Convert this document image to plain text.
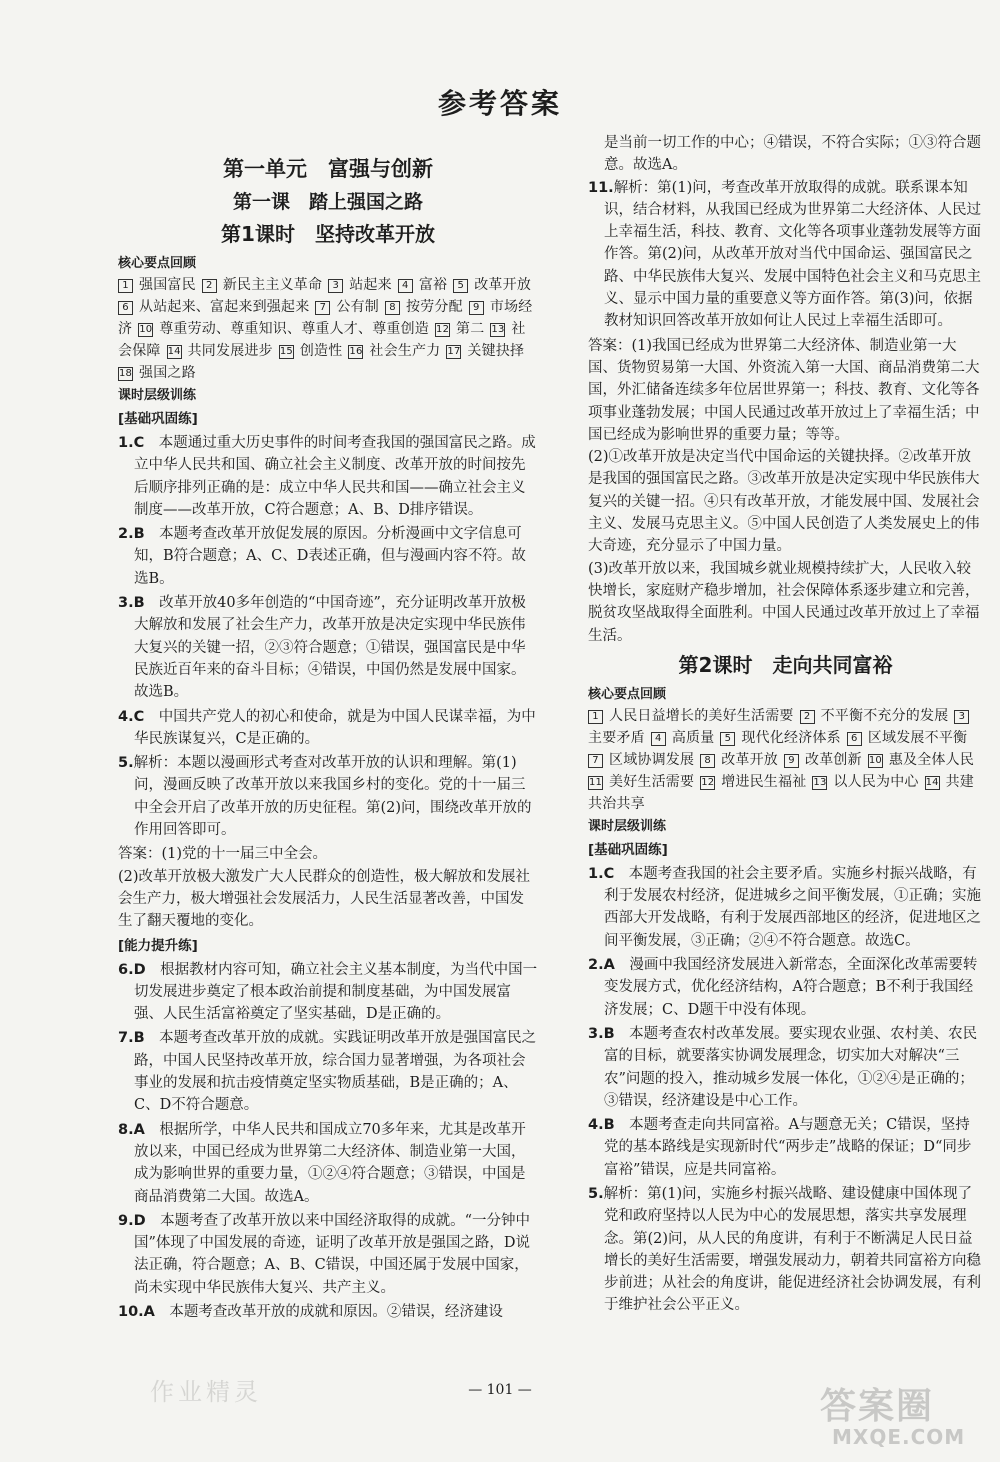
参考答案
第一单元　富强与创新
第一课　踏上强国之路
第1课时　坚持改革开放
核心要点回顾
1 强国富民 2 新民主主义革命 3 站起来 4 富裕 5 改革开放6 从站起来、富起来到强起来 7 公有制 8 按劳分配 9 市场经济 10 尊重劳动、尊重知识、尊重人才、尊重创造 12 第二 13 社会保障 14 共同发展进步 15 创造性 16 社会生产力 17 关键抉择18 强国之路
课时层级训练
[基础巩固练]

1.C　 本题通过重大历史事件的时间考查我国的强国富民之路。成立中华人民共和国、确立社会主义制度、改革开放的时间按先后顺序排列正确的是：成立中华人民共和国——确立社会主义制度——改革开放，C符合题意；A、B、D排序错误。

2.B　 本题考查改革开放促发展的原因。分析漫画中文字信息可知，B符合题意；A、C、D表述正确，但与漫画内容不符。故选B。

3.B　 改革开放40多年创造的“中国奇迹”，充分证明改革开放极大解放和发展了社会生产力，改革开放是决定实现中华民族伟大复兴的关键一招，②③符合题意；①错误，强国富民是中华民族近百年来的奋斗目标；④错误，中国仍然是发展中国家。故选B。

4.C　 中国共产党人的初心和使命，就是为中国人民谋幸福，为中华民族谋复兴，C是正确的。

5.解析：本题以漫画形式考查对改革开放的认识和理解。第(1)问，漫画反映了改革开放以来我国乡村的变化。党的十一届三中全会开启了改革开放的历史征程。第(2)问，围绕改革开放的作用回答即可。

答案：(1)党的十一届三中全会。

(2)改革开放极大激发广大人民群众的创造性，极大解放和发展社会生产力，极大增强社会发展活力，人民生活显著改善，中国发生了翻天覆地的变化。

[能力提升练]

6.D　 根据教材内容可知，确立社会主义基本制度，为当代中国一切发展进步奠定了根本政治前提和制度基础，为中国发展富强、人民生活富裕奠定了坚实基础，D是正确的。

7.B　 本题考查改革开放的成就。实践证明改革开放是强国富民之路，中国人民坚持改革开放，综合国力显著增强，为各项社会事业的发展和抗击疫情奠定坚实物质基础，B是正确的；A、C、D不符合题意。

8.A　 根据所学，中华人民共和国成立70多年来，尤其是改革开放以来，中国已经成为世界第二大经济体、制造业第一大国，成为影响世界的重要力量，①②④符合题意；③错误，中国是商品消费第二大国。故选A。

9.D　 本题考查了改革开放以来中国经济取得的成就。“一分钟中国”体现了中国发展的奇迹，证明了改革开放是强国之路，D说法正确，符合题意；A、B、C错误，中国还属于发展中国家，尚未实现中华民族伟大复兴、共产主义。

10.A　 本题考查改革开放的成就和原因。②错误，经济建设

是当前一切工作的中心；④错误，不符合实际；①③符合题意。故选A。

11.解析：第(1)问，考查改革开放取得的成就。联系课本知识，结合材料，从我国已经成为世界第二大经济体、人民过上幸福生活，科技、教育、文化等各项事业蓬勃发展等方面作答。第(2)问，从改革开放对当代中国命运、强国富民之路、中华民族伟大复兴、发展中国特色社会主义和马克思主义、显示中国力量的重要意义等方面作答。第(3)问，依据教材知识回答改革开放如何让人民过上幸福生活即可。

答案：(1)我国已经成为世界第二大经济体、制造业第一大国、货物贸易第一大国、外资流入第一大国、商品消费第二大国，外汇储备连续多年位居世界第一；科技、教育、文化等各项事业蓬勃发展；中国人民通过改革开放过上了幸福生活；中国已经成为影响世界的重要力量；等等。

(2)①改革开放是决定当代中国命运的关键抉择。②改革开放是我国的强国富民之路。③改革开放是决定实现中华民族伟大复兴的关键一招。④只有改革开放，才能发展中国、发展社会主义、发展马克思主义。⑤中国人民创造了人类发展史上的伟大奇迹，充分显示了中国力量。

(3)改革开放以来，我国城乡就业规模持续扩大，人民收入较快增长，家庭财产稳步增加，社会保障体系逐步建立和完善，脱贫攻坚战取得全面胜利。中国人民通过改革开放过上了幸福生活。

第2课时　走向共同富裕
核心要点回顾
1 人民日益增长的美好生活需要 2 不平衡不充分的发展 3主要矛盾 4 高质量 5 现代化经济体系 6 区域发展不平衡7 区域协调发展 8 改革开放 9 改革创新 10 惠及全体人民11 美好生活需要 12 增进民生福祉 13 以人民为中心 14 共建共治共享
课时层级训练
[基础巩固练]

1.C　 本题考查我国的社会主要矛盾。实施乡村振兴战略，有利于发展农村经济，促进城乡之间平衡发展，①正确；实施西部大开发战略，有利于发展西部地区的经济，促进地区之间平衡发展，③正确；②④不符合题意。故选C。

2.A　 漫画中我国经济发展进入新常态，全面深化改革需要转变发展方式，优化经济结构，A符合题意；B不利于我国经济发展；C、D题干中没有体现。

3.B　 本题考查农村改革发展。要实现农业强、农村美、农民富的目标，就要落实协调发展理念，切实加大对解决“三农”问题的投入，推动城乡发展一体化，①②④是正确的；③错误，经济建设是中心工作。

4.B　 本题考查走向共同富裕。A与题意无关；C错误，坚持党的基本路线是实现新时代“两步走”战略的保证；D“同步富裕”错误，应是共同富裕。

5.解析：第(1)问，实施乡村振兴战略、建设健康中国体现了党和政府坚持以人民为中心的发展思想，落实共享发展理念。第(2)问，从人民的角度讲，有利于不断满足人民日益增长的美好生活需要，增强发展动力，朝着共同富裕方向稳步前进；从社会的角度讲，能促进经济社会协调发展，有利于维护社会公平正义。

— 101 —
作业精灵	答案圈
MXQE.COM
